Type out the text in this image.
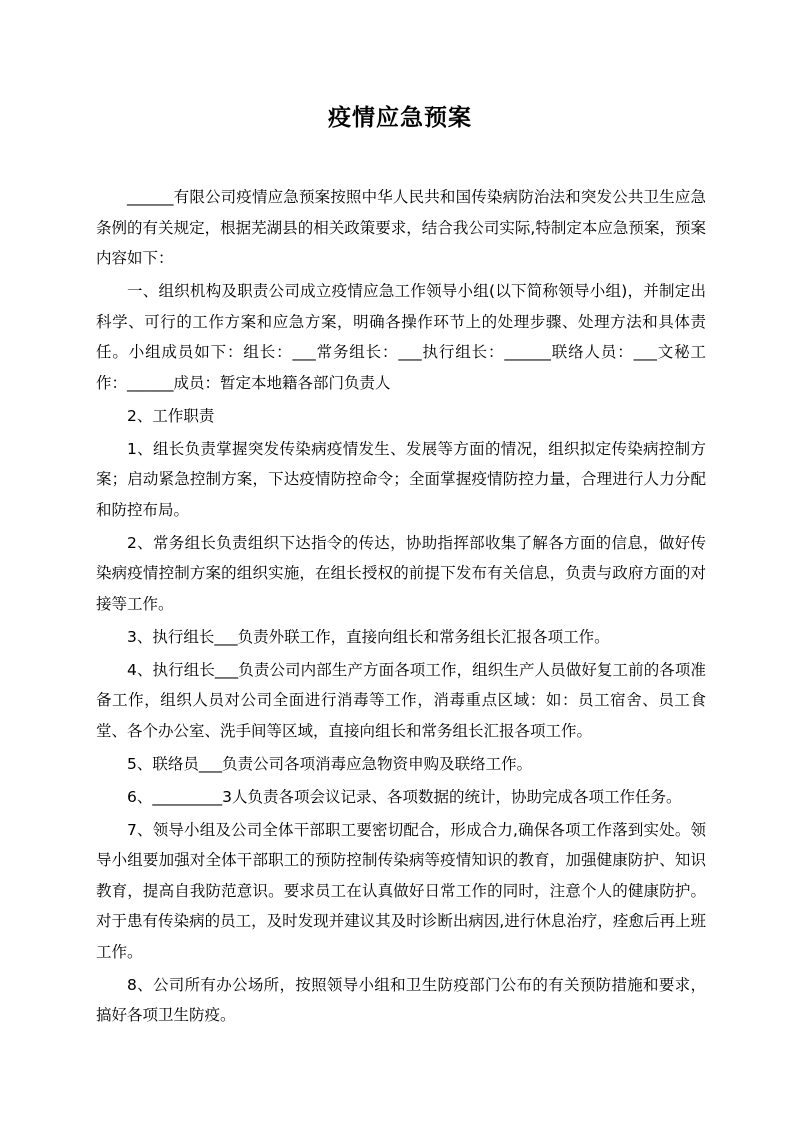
疫情应急预案

______有限公司疫情应急预案按照中华人民共和国传染病防治法和突发公共卫生应急条例的有关规定，根据芜湖县的相关政策要求，结合我公司实际,特制定本应急预案，预案内容如下：

一、组织机构及职责公司成立疫情应急工作领导小组(以下简称领导小组)，并制定出科学、可行的工作方案和应急方案，明确各操作环节上的处理步骤、处理方法和具体责任。小组成员如下：组长：___常务组长：___执行组长：______联络人员：___文秘工作：______成员：暂定本地籍各部门负责人

2、工作职责

1、组长负责掌握突发传染病疫情发生、发展等方面的情况，组织拟定传染病控制方案；启动紧急控制方案，下达疫情防控命令；全面掌握疫情防控力量，合理进行人力分配和防控布局。

2、常务组长负责组织下达指令的传达，协助指挥部收集了解各方面的信息，做好传染病疫情控制方案的组织实施，在组长授权的前提下发布有关信息，负责与政府方面的对接等工作。

3、执行组长___负责外联工作，直接向组长和常务组长汇报各项工作。

4、执行组长___负责公司内部生产方面各项工作，组织生产人员做好复工前的各项准备工作，组织人员对公司全面进行消毒等工作，消毒重点区域：如：员工宿舍、员工食堂、各个办公室、洗手间等区域，直接向组长和常务组长汇报各项工作。

5、联络员___负责公司各项消毒应急物资申购及联络工作。

6、_________3人负责各项会议记录、各项数据的统计，协助完成各项工作任务。

7、领导小组及公司全体干部职工要密切配合，形成合力,确保各项工作落到实处。领导小组要加强对全体干部职工的预防控制传染病等疫情知识的教育，加强健康防护、知识教育，提高自我防范意识。要求员工在认真做好日常工作的同时，注意个人的健康防护。对于患有传染病的员工，及时发现并建议其及时诊断出病因,进行休息治疗，痊愈后再上班工作。

8、公司所有办公场所，按照领导小组和卫生防疫部门公布的有关预防措施和要求，搞好各项卫生防疫。
